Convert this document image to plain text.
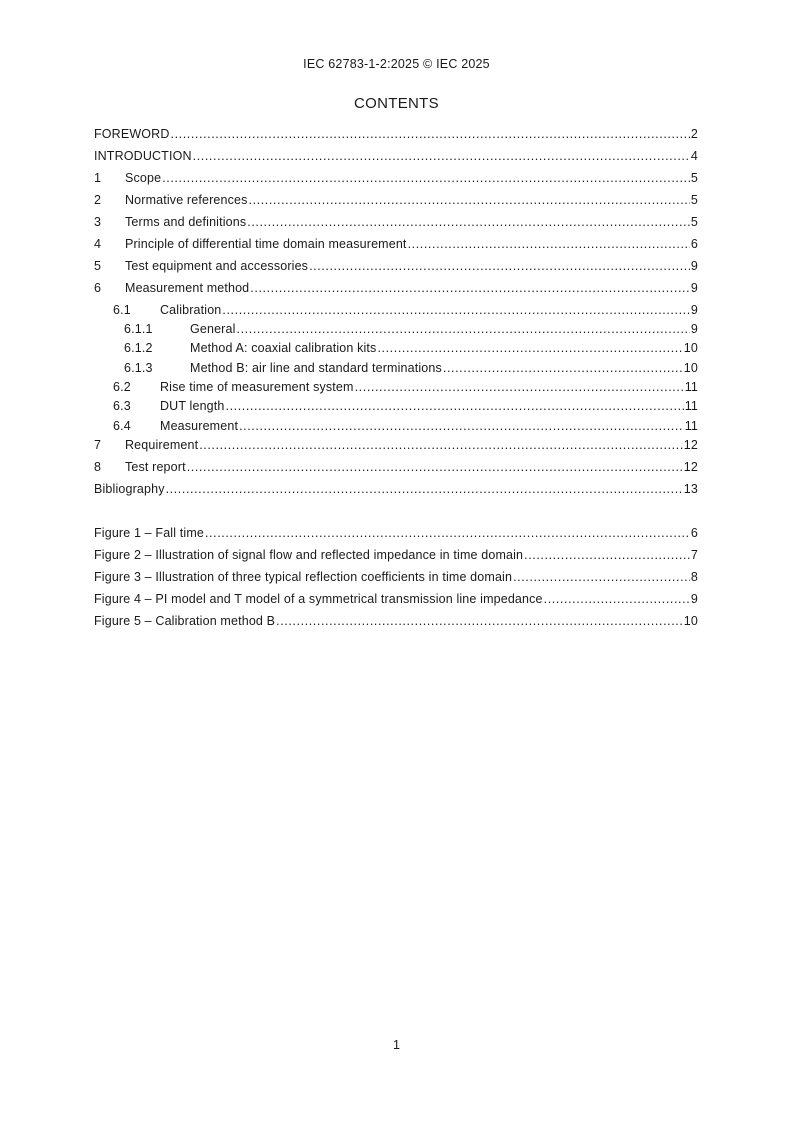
IEC 62783-1-2:2025 © IEC 2025
CONTENTS
FOREWORD .....	2
INTRODUCTION .....	4
1	Scope .....	5
2	Normative references .....	5
3	Terms and definitions .....	5
4	Principle of differential time domain measurement .....	6
5	Test equipment and accessories .....	9
6	Measurement method .....	9
6.1	Calibration .....	9
6.1.1	General .....	9
6.1.2	Method A: coaxial calibration kits .....	10
6.1.3	Method B: air line and standard terminations .....	10
6.2	Rise time of measurement system .....	11
6.3	DUT length .....	11
6.4	Measurement .....	11
7	Requirement .....	12
8	Test report .....	12
Bibliography .....	13
Figure 1 – Fall time .....	6
Figure 2 – Illustration of signal flow and reflected impedance in time domain .....	7
Figure 3 – Illustration of three typical reflection coefficients in time domain .....	8
Figure 4 – PI model and T model of a symmetrical transmission line impedance .....	9
Figure 5 – Calibration method B .....	10
1
